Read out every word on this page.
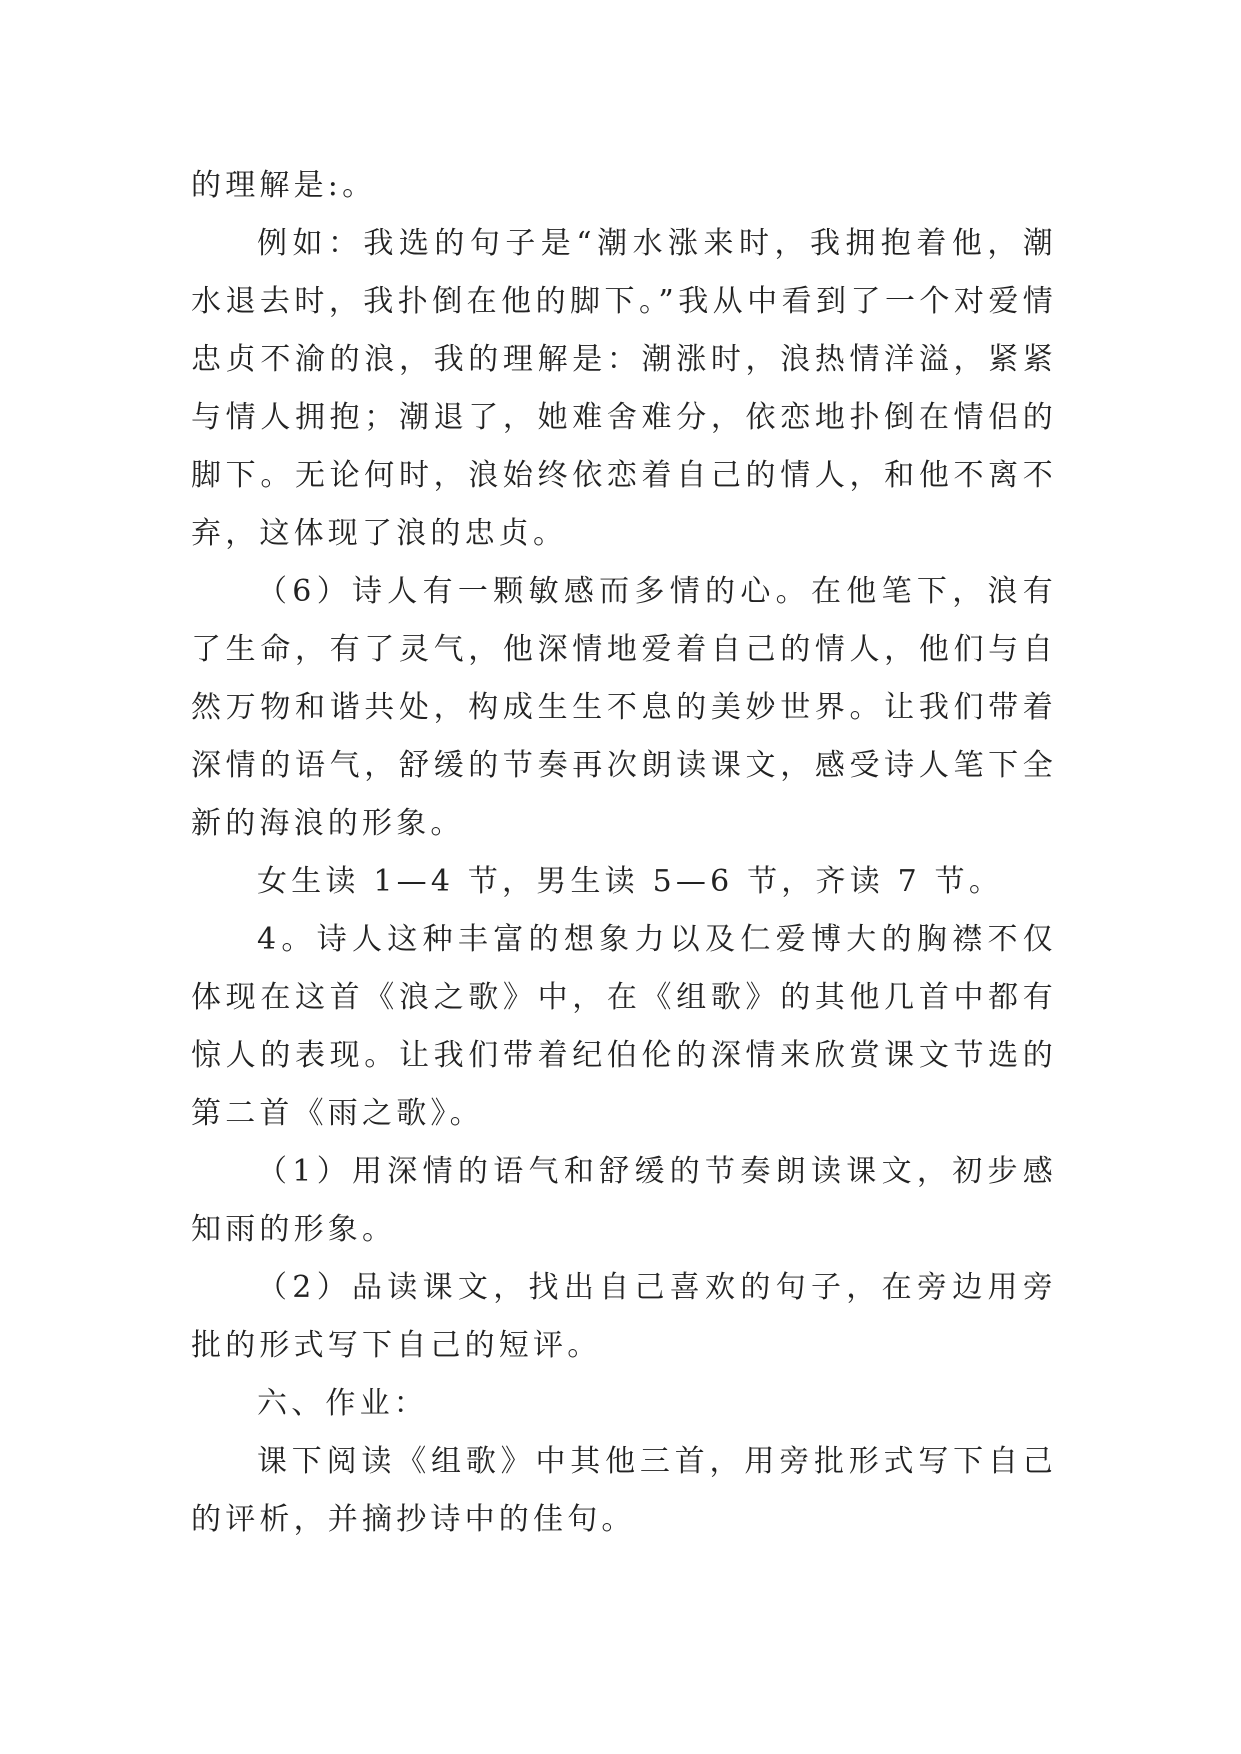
的理解是:。

例如：我选的句子是“潮水涨来时，我拥抱着他，潮水退去时，我扑倒在他的脚下。”我从中看到了一个对爱情忠贞不渝的浪，我的理解是：潮涨时，浪热情洋溢，紧紧与情人拥抱；潮退了，她难舍难分，依恋地扑倒在情侣的脚下。无论何时，浪始终依恋着自己的情人，和他不离不弃，这体现了浪的忠贞。

（6）诗人有一颗敏感而多情的心。在他笔下，浪有了生命，有了灵气，他深情地爱着自己的情人，他们与自然万物和谐共处，构成生生不息的美妙世界。让我们带着深情的语气，舒缓的节奏再次朗读课文，感受诗人笔下全新的海浪的形象。

女生读 1—4 节，男生读 5—6 节，齐读 7 节。

4。诗人这种丰富的想象力以及仁爱博大的胸襟不仅体现在这首《浪之歌》中，在《组歌》的其他几首中都有惊人的表现。让我们带着纪伯伦的深情来欣赏课文节选的第二首《雨之歌》。

（1）用深情的语气和舒缓的节奏朗读课文，初步感知雨的形象。

（2）品读课文，找出自己喜欢的句子，在旁边用旁批的形式写下自己的短评。

六、作业：

课下阅读《组歌》中其他三首，用旁批形式写下自己的评析，并摘抄诗中的佳句。
